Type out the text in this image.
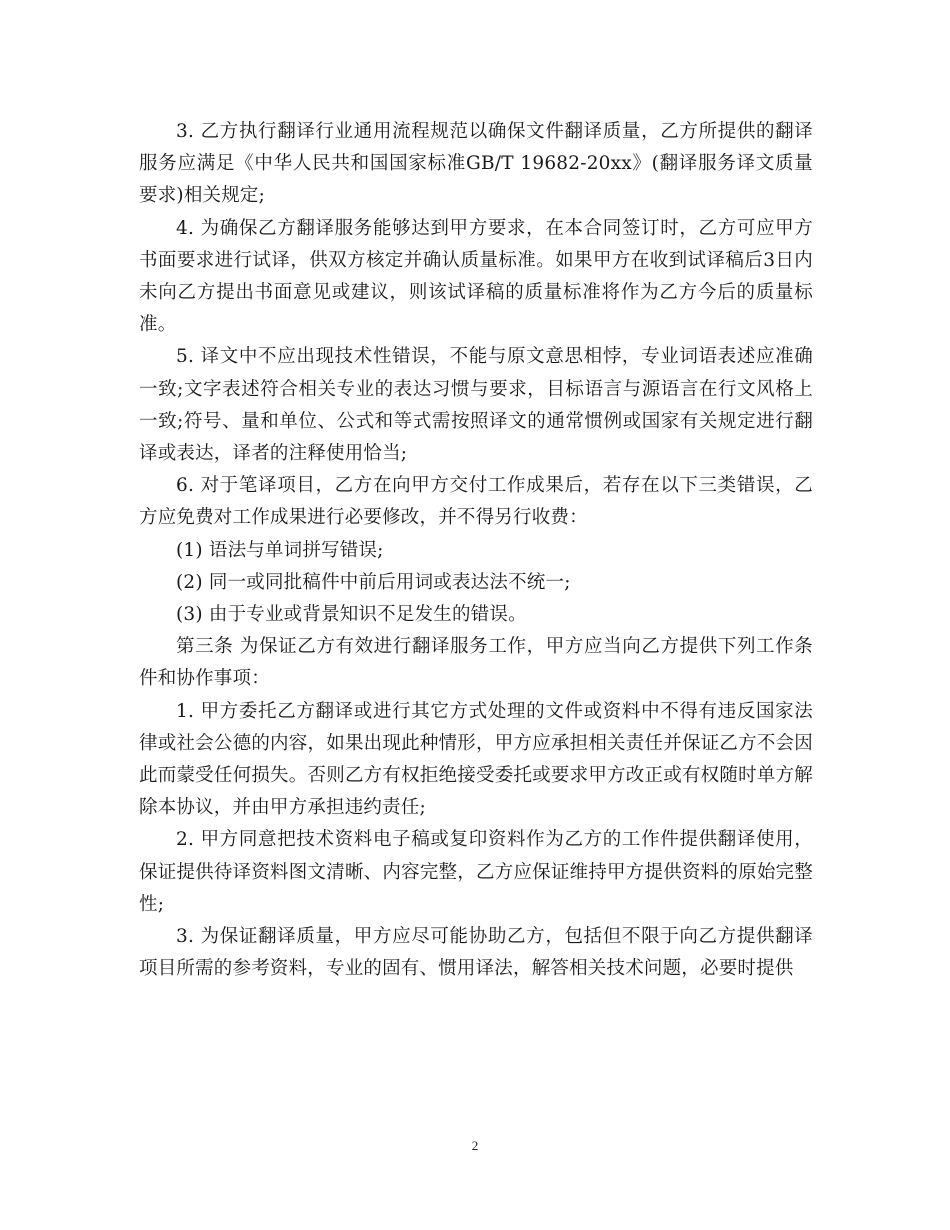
3. 乙方执行翻译行业通用流程规范以确保文件翻译质量，乙方所提供的翻译服务应满足《中华人民共和国国家标准GB/T 19682-20xx》(翻译服务译文质量要求)相关规定;

4. 为确保乙方翻译服务能够达到甲方要求，在本合同签订时，乙方可应甲方书面要求进行试译，供双方核定并确认质量标准。如果甲方在收到试译稿后3日内未向乙方提出书面意见或建议，则该试译稿的质量标准将作为乙方今后的质量标准。

5. 译文中不应出现技术性错误，不能与原文意思相悖，专业词语表述应准确一致;文字表述符合相关专业的表达习惯与要求，目标语言与源语言在行文风格上一致;符号、量和单位、公式和等式需按照译文的通常惯例或国家有关规定进行翻译或表达，译者的注释使用恰当;

6. 对于笔译项目，乙方在向甲方交付工作成果后，若存在以下三类错误，乙方应免费对工作成果进行必要修改，并不得另行收费：

(1) 语法与单词拼写错误;

(2) 同一或同批稿件中前后用词或表达法不统一;

(3) 由于专业或背景知识不足发生的错误。

第三条 为保证乙方有效进行翻译服务工作，甲方应当向乙方提供下列工作条件和协作事项：

1. 甲方委托乙方翻译或进行其它方式处理的文件或资料中不得有违反国家法律或社会公德的内容，如果出现此种情形，甲方应承担相关责任并保证乙方不会因此而蒙受任何损失。否则乙方有权拒绝接受委托或要求甲方改正或有权随时单方解除本协议，并由甲方承担违约责任;

2. 甲方同意把技术资料电子稿或复印资料作为乙方的工作件提供翻译使用，保证提供待译资料图文清晰、内容完整，乙方应保证维持甲方提供资料的原始完整性;

3. 为保证翻译质量，甲方应尽可能协助乙方，包括但不限于向乙方提供翻译项目所需的参考资料，专业的固有、惯用译法，解答相关技术问题，必要时提供

2
